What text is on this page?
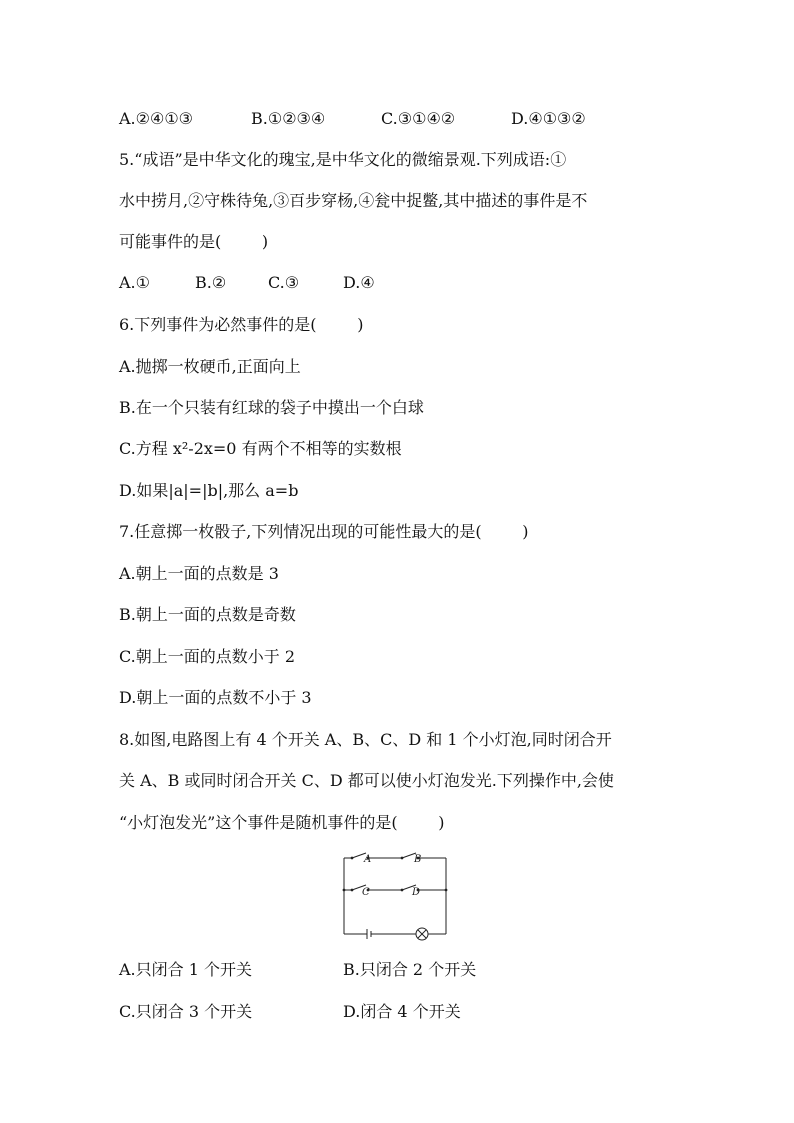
A.②④①③	B.①②③④	C.③①④②	D.④①③②
5.“成语”是中华文化的瑰宝,是中华文化的微缩景观.下列成语:①
水中捞月,②守株待兔,③百步穿杨,④瓮中捉鳖,其中描述的事件是不
可能事件的是(        )
A.①	B.②	C.③	D.④
6.下列事件为必然事件的是(        )
A.抛掷一枚硬币,正面向上
B.在一个只装有红球的袋子中摸出一个白球
C.方程 x²-2x=0 有两个不相等的实数根
D.如果|a|=|b|,那么 a=b
7.任意掷一枚骰子,下列情况出现的可能性最大的是(        )
A.朝上一面的点数是 3
B.朝上一面的点数是奇数
C.朝上一面的点数小于 2
D.朝上一面的点数不小于 3
8.如图,电路图上有 4 个开关 A、B、C、D 和 1 个小灯泡,同时闭合开
关 A、B 或同时闭合开关 C、D 都可以使小灯泡发光.下列操作中,会使
“小灯泡发光”这个事件是随机事件的是(        )
A	B
C	D
A.只闭合 1 个开关	B.只闭合 2 个开关
C.只闭合 3 个开关	D.闭合 4 个开关
